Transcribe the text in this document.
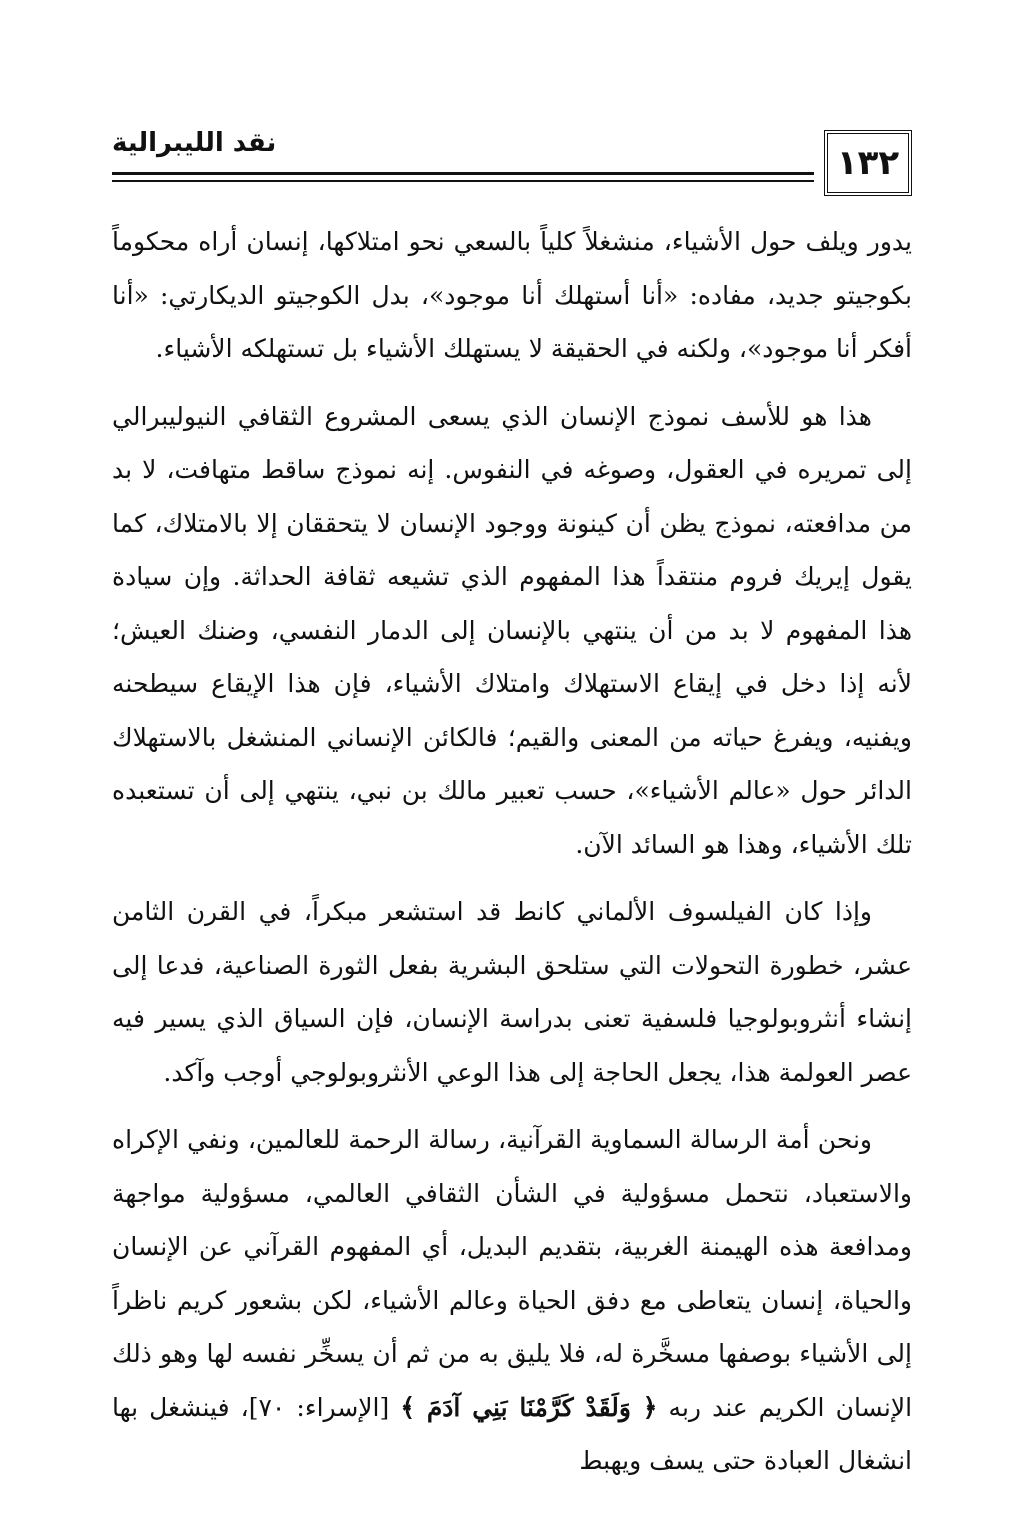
نقد الليبرالية	١٣٢

يدور ويلف حول الأشياء، منشغلاً كلياً بالسعي نحو امتلاكها، إنسان أراه محكوماً بكوجيتو جديد، مفاده: «أنا أستهلك أنا موجود»، بدل الكوجيتو الديكارتي: «أنا أفكر أنا موجود»، ولكنه في الحقيقة لا يستهلك الأشياء بل تستهلكه الأشياء.

هذا هو للأسف نموذج الإنسان الذي يسعى المشروع الثقافي النيوليبرالي إلى تمريره في العقول، وصوغه في النفوس. إنه نموذج ساقط متهافت، لا بد من مدافعته، نموذج يظن أن كينونة ووجود الإنسان لا يتحققان إلا بالامتلاك، كما يقول إيريك فروم منتقداً هذا المفهوم الذي تشيعه ثقافة الحداثة. وإن سيادة هذا المفهوم لا بد من أن ينتهي بالإنسان إلى الدمار النفسي، وضنك العيش؛ لأنه إذا دخل في إيقاع الاستهلاك وامتلاك الأشياء، فإن هذا الإيقاع سيطحنه ويفنيه، ويفرغ حياته من المعنى والقيم؛ فالكائن الإنساني المنشغل بالاستهلاك الدائر حول «عالم الأشياء»، حسب تعبير مالك بن نبي، ينتهي إلى أن تستعبده تلك الأشياء، وهذا هو السائد الآن.

وإذا كان الفيلسوف الألماني كانط قد استشعر مبكراً، في القرن الثامن عشر، خطورة التحولات التي ستلحق البشرية بفعل الثورة الصناعية، فدعا إلى إنشاء أنثروبولوجيا فلسفية تعنى بدراسة الإنسان، فإن السياق الذي يسير فيه عصر العولمة هذا، يجعل الحاجة إلى هذا الوعي الأنثروبولوجي أوجب وآكد.

ونحن أمة الرسالة السماوية القرآنية، رسالة الرحمة للعالمين، ونفي الإكراه والاستعباد، نتحمل مسؤولية في الشأن الثقافي العالمي، مسؤولية مواجهة ومدافعة هذه الهيمنة الغربية، بتقديم البديل، أي المفهوم القرآني عن الإنسان والحياة، إنسان يتعاطى مع دفق الحياة وعالم الأشياء، لكن بشعور كريم ناظراً إلى الأشياء بوصفها مسخَّرة له، فلا يليق به من ثم أن يسخِّر نفسه لها وهو ذلك الإنسان الكريم عند ربه ﴿ وَلَقَدْ كَرَّمْنَا بَنِي آدَمَ ﴾ [الإسراء: ٧٠]، فينشغل بها انشغال العبادة حتى يسف ويهبط
